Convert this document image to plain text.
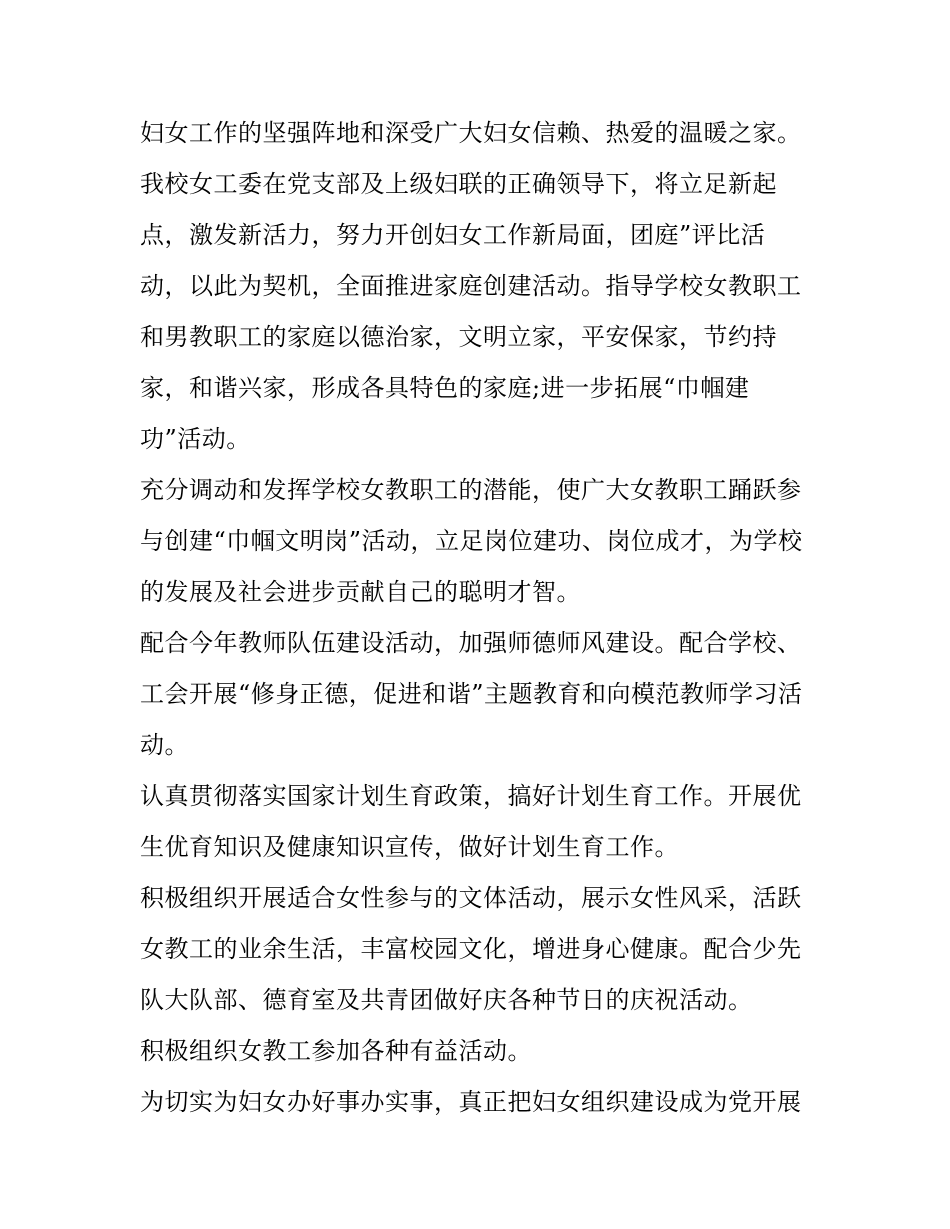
妇女工作的坚强阵地和深受广大妇女信赖、热爱的温暖之家。
我校女工委在党支部及上级妇联的正确领导下，将立足新起
点，激发新活力，努力开创妇女工作新局面，团庭”评比活
动，以此为契机，全面推进家庭创建活动。指导学校女教职工
和男教职工的家庭以德治家，文明立家，平安保家，节约持
家，和谐兴家，形成各具特色的家庭;进一步拓展“巾帼建
功”活动。
充分调动和发挥学校女教职工的潜能，使广大女教职工踊跃参
与创建“巾帼文明岗”活动，立足岗位建功、岗位成才，为学校
的发展及社会进步贡献自己的聪明才智。
配合今年教师队伍建设活动，加强师德师风建设。配合学校、
工会开展“修身正德，促进和谐”主题教育和向模范教师学习活
动。
认真贯彻落实国家计划生育政策，搞好计划生育工作。开展优
生优育知识及健康知识宣传，做好计划生育工作。
积极组织开展适合女性参与的文体活动，展示女性风采，活跃
女教工的业余生活，丰富校园文化，增进身心健康。配合少先
队大队部、德育室及共青团做好庆各种节日的庆祝活动。
积极组织女教工参加各种有益活动。
为切实为妇女办好事办实事，真正把妇女组织建设成为党开展
